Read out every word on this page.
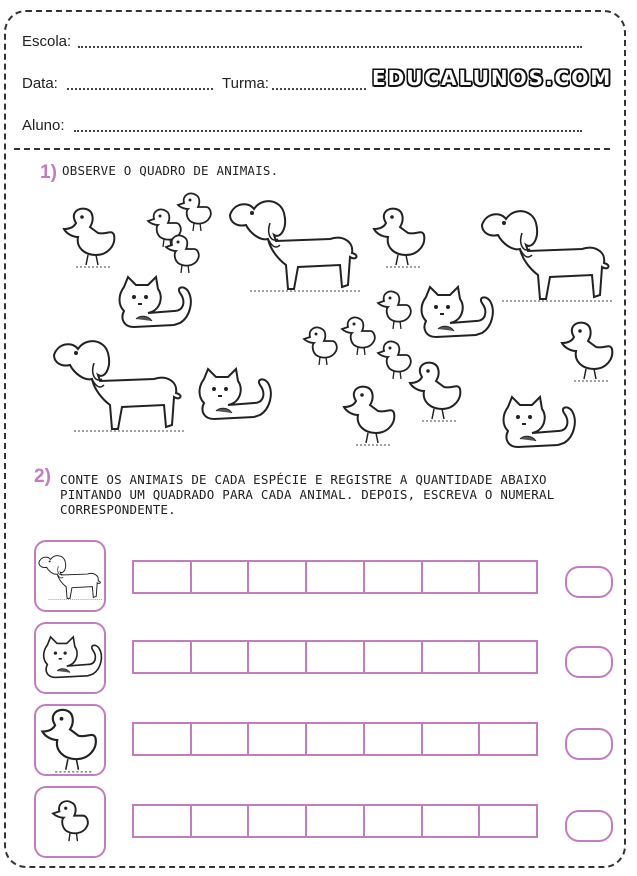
Escola:
Data:	Turma:	EDUCALUNOS.COM
Aluno:
1) OBSERVE O QUADRO DE ANIMAIS.
2) CONTE OS ANIMAIS DE CADA ESPÉCIE E REGISTRE A QUANTIDADE ABAIXO
PINTANDO UM QUADRADO PARA CADA ANIMAL. DEPOIS, ESCREVA O NUMERAL
CORRESPONDENTE.
